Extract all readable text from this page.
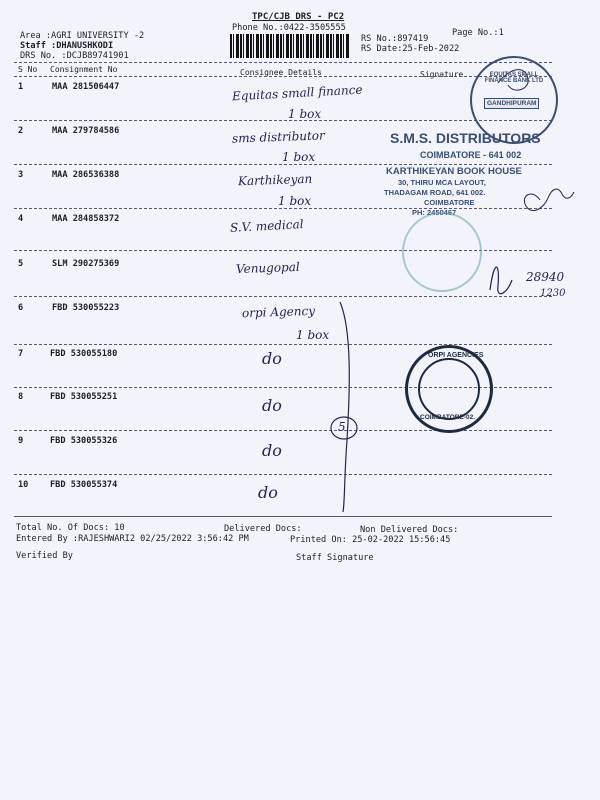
TPC/CJB DRS - PC2
Phone No.:0422-3505555	Page No.:1
RS No.:897419
RS Date:25-Feb-2022
Area :AGRI UNIVERSITY -2
Staff :DHANUSHKODI
DRS No. :DCJB89741901
S No Consignment No	Consignee Details	Signature
1	MAA 281506447	Equitas small finance
1 box
2	MAA 279784586	sms distributor
1 box
3	MAA 286536388	Karthikeyan
1 box
4	MAA 284858372	S.V. medical
5	SLM 290275369	Venugopal
6	FBD 530055223	orpi Agency
1 box
7	FBD 530055180	do
8	FBD 530055251	do
9	FBD 530055326	do
10	FBD 530055374	do
5
28940
1230
EQUITAS SMALL FINANCE BANK LTD
GANDHIPURAM
S.M.S. DISTRIBUTORS
COIMBATORE - 641 002
KARTHIKEYAN BOOK HOUSE
30, THIRU MCA LAYOUT,
THADAGAM ROAD, 641 002.
COIMBATORE
PH: 2450467
ORPI AGENCIES
COIMBATORE-02.
Total No. Of Docs: 10	Delivered Docs:	Non Delivered Docs:
Entered By :RAJESHWARI2 02/25/2022 3:56:42 PM	Printed On: 25-02-2022 15:56:45
Verified By	Staff Signature
